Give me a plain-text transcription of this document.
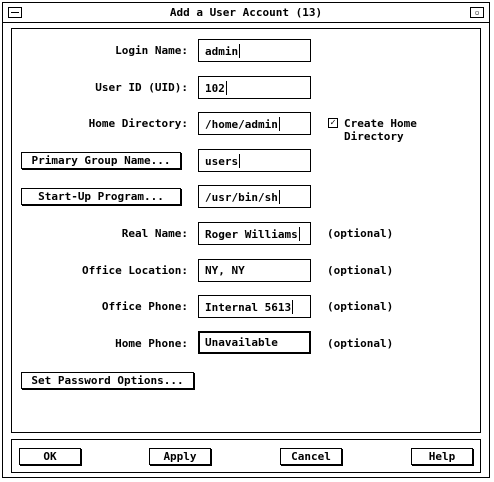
Add a User Account (13)	▫
Login Name:	admin
User ID (UID):	102
Home Directory:	/home/admin	✓ Create Home Directory
Primary Group Name...	users
Start-Up Program...	/usr/bin/sh
Real Name:	Roger Williams	(optional)
Office Location:	NY, NY	(optional)
Office Phone:	Internal 5613	(optional)
Home Phone:	Unavailable	(optional)
Set Password Options...
OK	Apply	Cancel	Help
